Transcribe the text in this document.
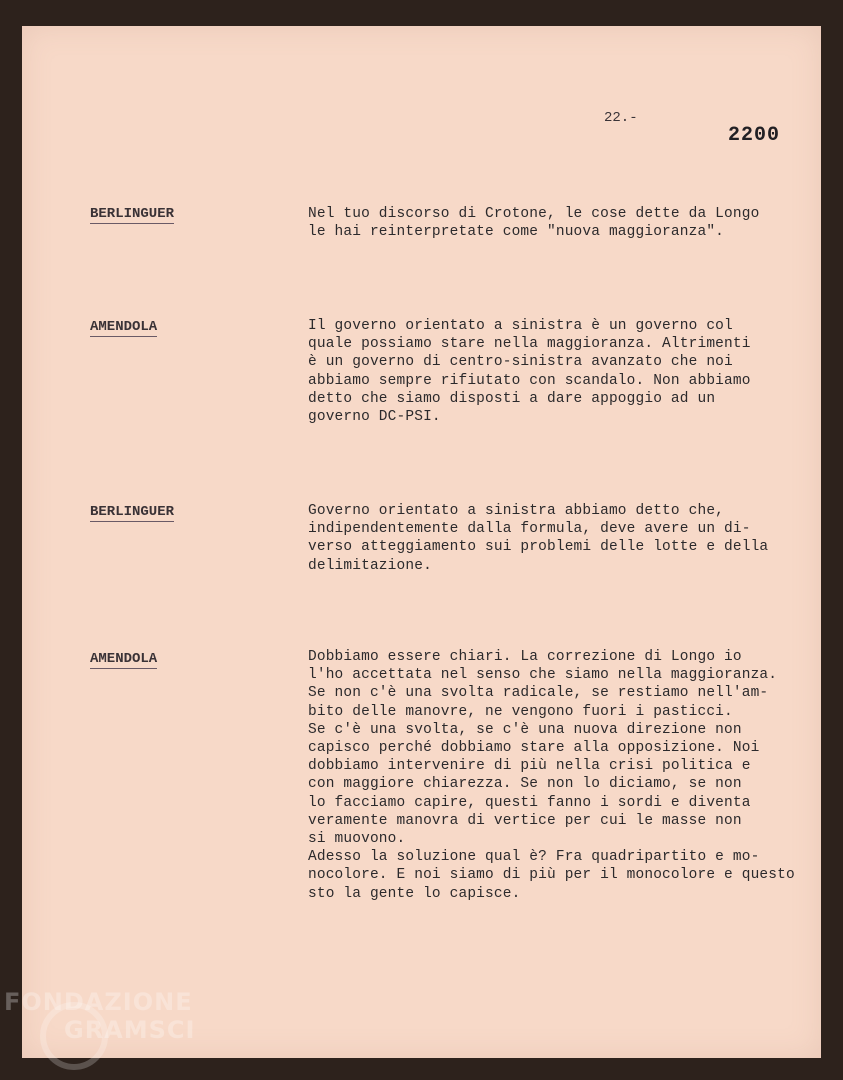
22.-
2200
BERLINGUER	Nel tuo discorso di Crotone, le cose dette da Longo
le hai reinterpretate come "nuova maggioranza".
AMENDOLA	Il governo orientato a sinistra è un governo col
quale possiamo stare nella maggioranza. Altrimenti
è un governo di centro-sinistra avanzato che noi
abbiamo sempre rifiutato con scandalo. Non abbiamo
detto che siamo disposti a dare appoggio ad un
governo DC-PSI.
BERLINGUER	Governo orientato a sinistra abbiamo detto che,
indipendentemente dalla formula, deve avere un di-
verso atteggiamento sui problemi delle lotte e della
delimitazione.
AMENDOLA	Dobbiamo essere chiari. La correzione di Longo io
l'ho accettata nel senso che siamo nella maggioranza.
Se non c'è una svolta radicale, se restiamo nell'am-
bito delle manovre, ne vengono fuori i pasticci.
Se c'è una svolta, se c'è una nuova direzione non
capisco perché dobbiamo stare alla opposizione. Noi
dobbiamo intervenire di più nella crisi politica e
con maggiore chiarezza. Se non lo diciamo, se non
lo facciamo capire, questi fanno i sordi e diventa
veramente manovra di vertice per cui le masse non
si muovono.
Adesso la soluzione qual è? Fra quadripartito e mo-
nocolore. E noi siamo di più per il monocolore e questo
sto la gente lo capisce.
FONDAZIONE
GRAMSCI
